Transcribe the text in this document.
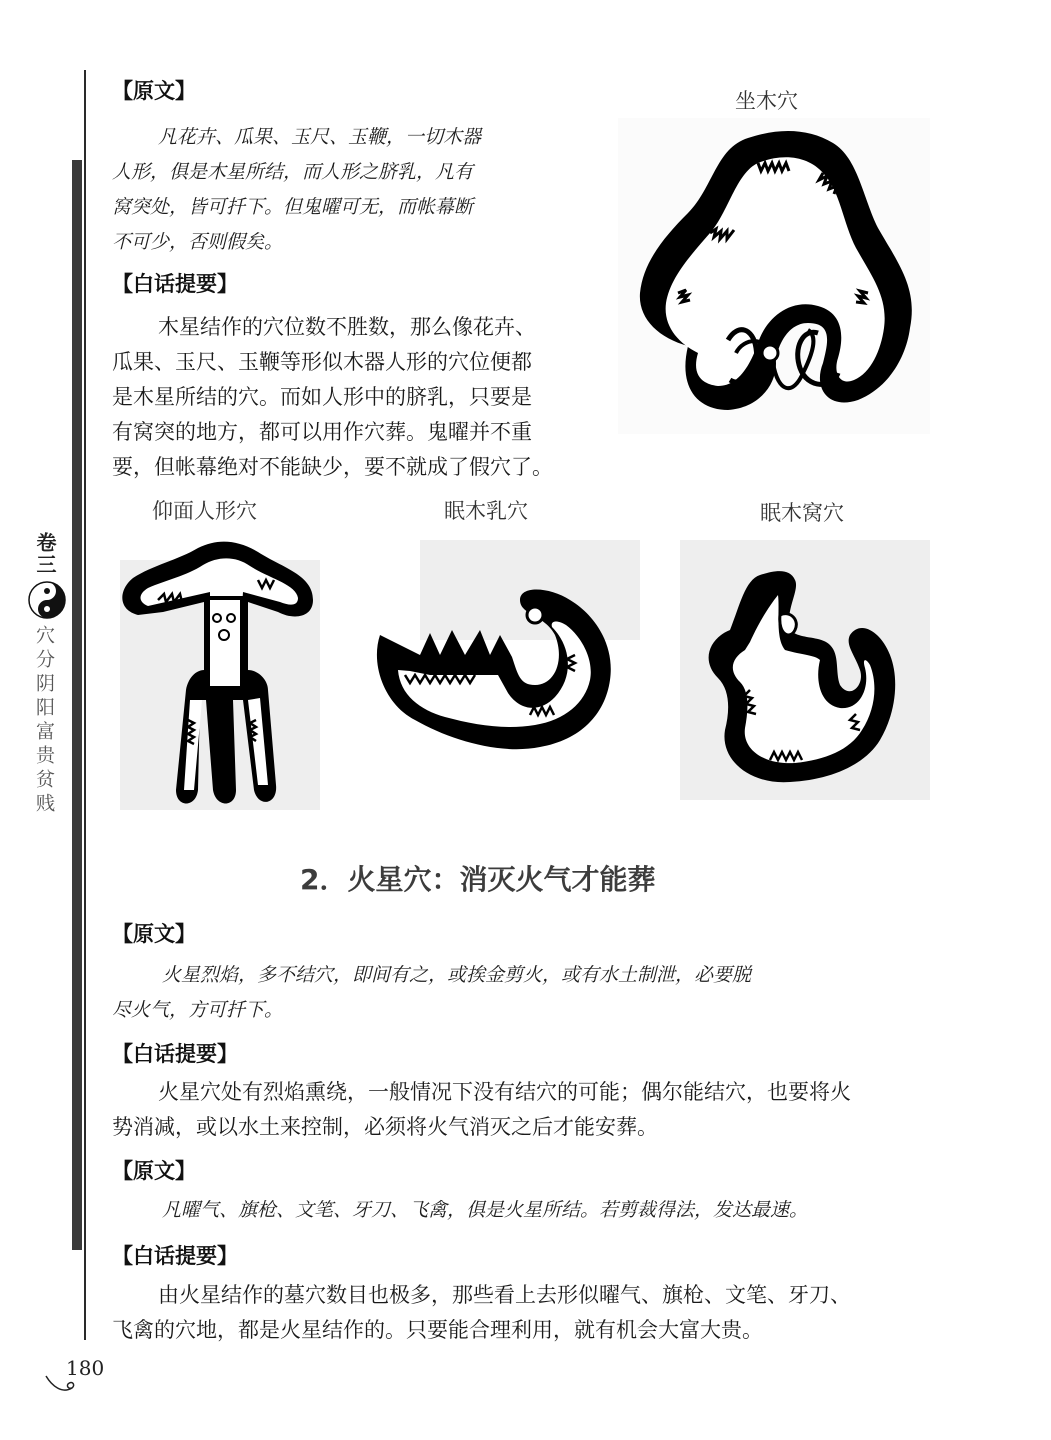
卷三
穴分阴阳富贵贫贱
【原文】

凡花卉、瓜果、玉尺、玉鞭，一切木器

人形，俱是木星所结，而人形之脐乳，凡有

窝突处，皆可扦下。但鬼曜可无，而帐幕断

不可少，否则假矣。

【白话提要】

木星结作的穴位数不胜数，那么像花卉、

瓜果、玉尺、玉鞭等形似木器人形的穴位便都

是木星所结的穴。而如人形中的脐乳，只要是

有窝突的地方，都可以用作穴葬。鬼曜并不重

要，但帐幕绝对不能缺少，要不就成了假穴了。

坐木穴
仰面人形穴	眠木乳穴	眠木窝穴
2．火星穴：消灭火气才能葬
【原文】

火星烈焰，多不结穴，即间有之，或挨金剪火，或有水土制泄，必要脱

尽火气，方可扦下。

【白话提要】

火星穴处有烈焰熏绕，一般情况下没有结穴的可能；偶尔能结穴，也要将火

势消减，或以水土来控制，必须将火气消灭之后才能安葬。

【原文】

凡曜气、旗枪、文笔、牙刀、飞禽，俱是火星所结。若剪裁得法，发达最速。

【白话提要】

由火星结作的墓穴数目也极多，那些看上去形似曜气、旗枪、文笔、牙刀、

飞禽的穴地，都是火星结作的。只要能合理利用，就有机会大富大贵。

180
